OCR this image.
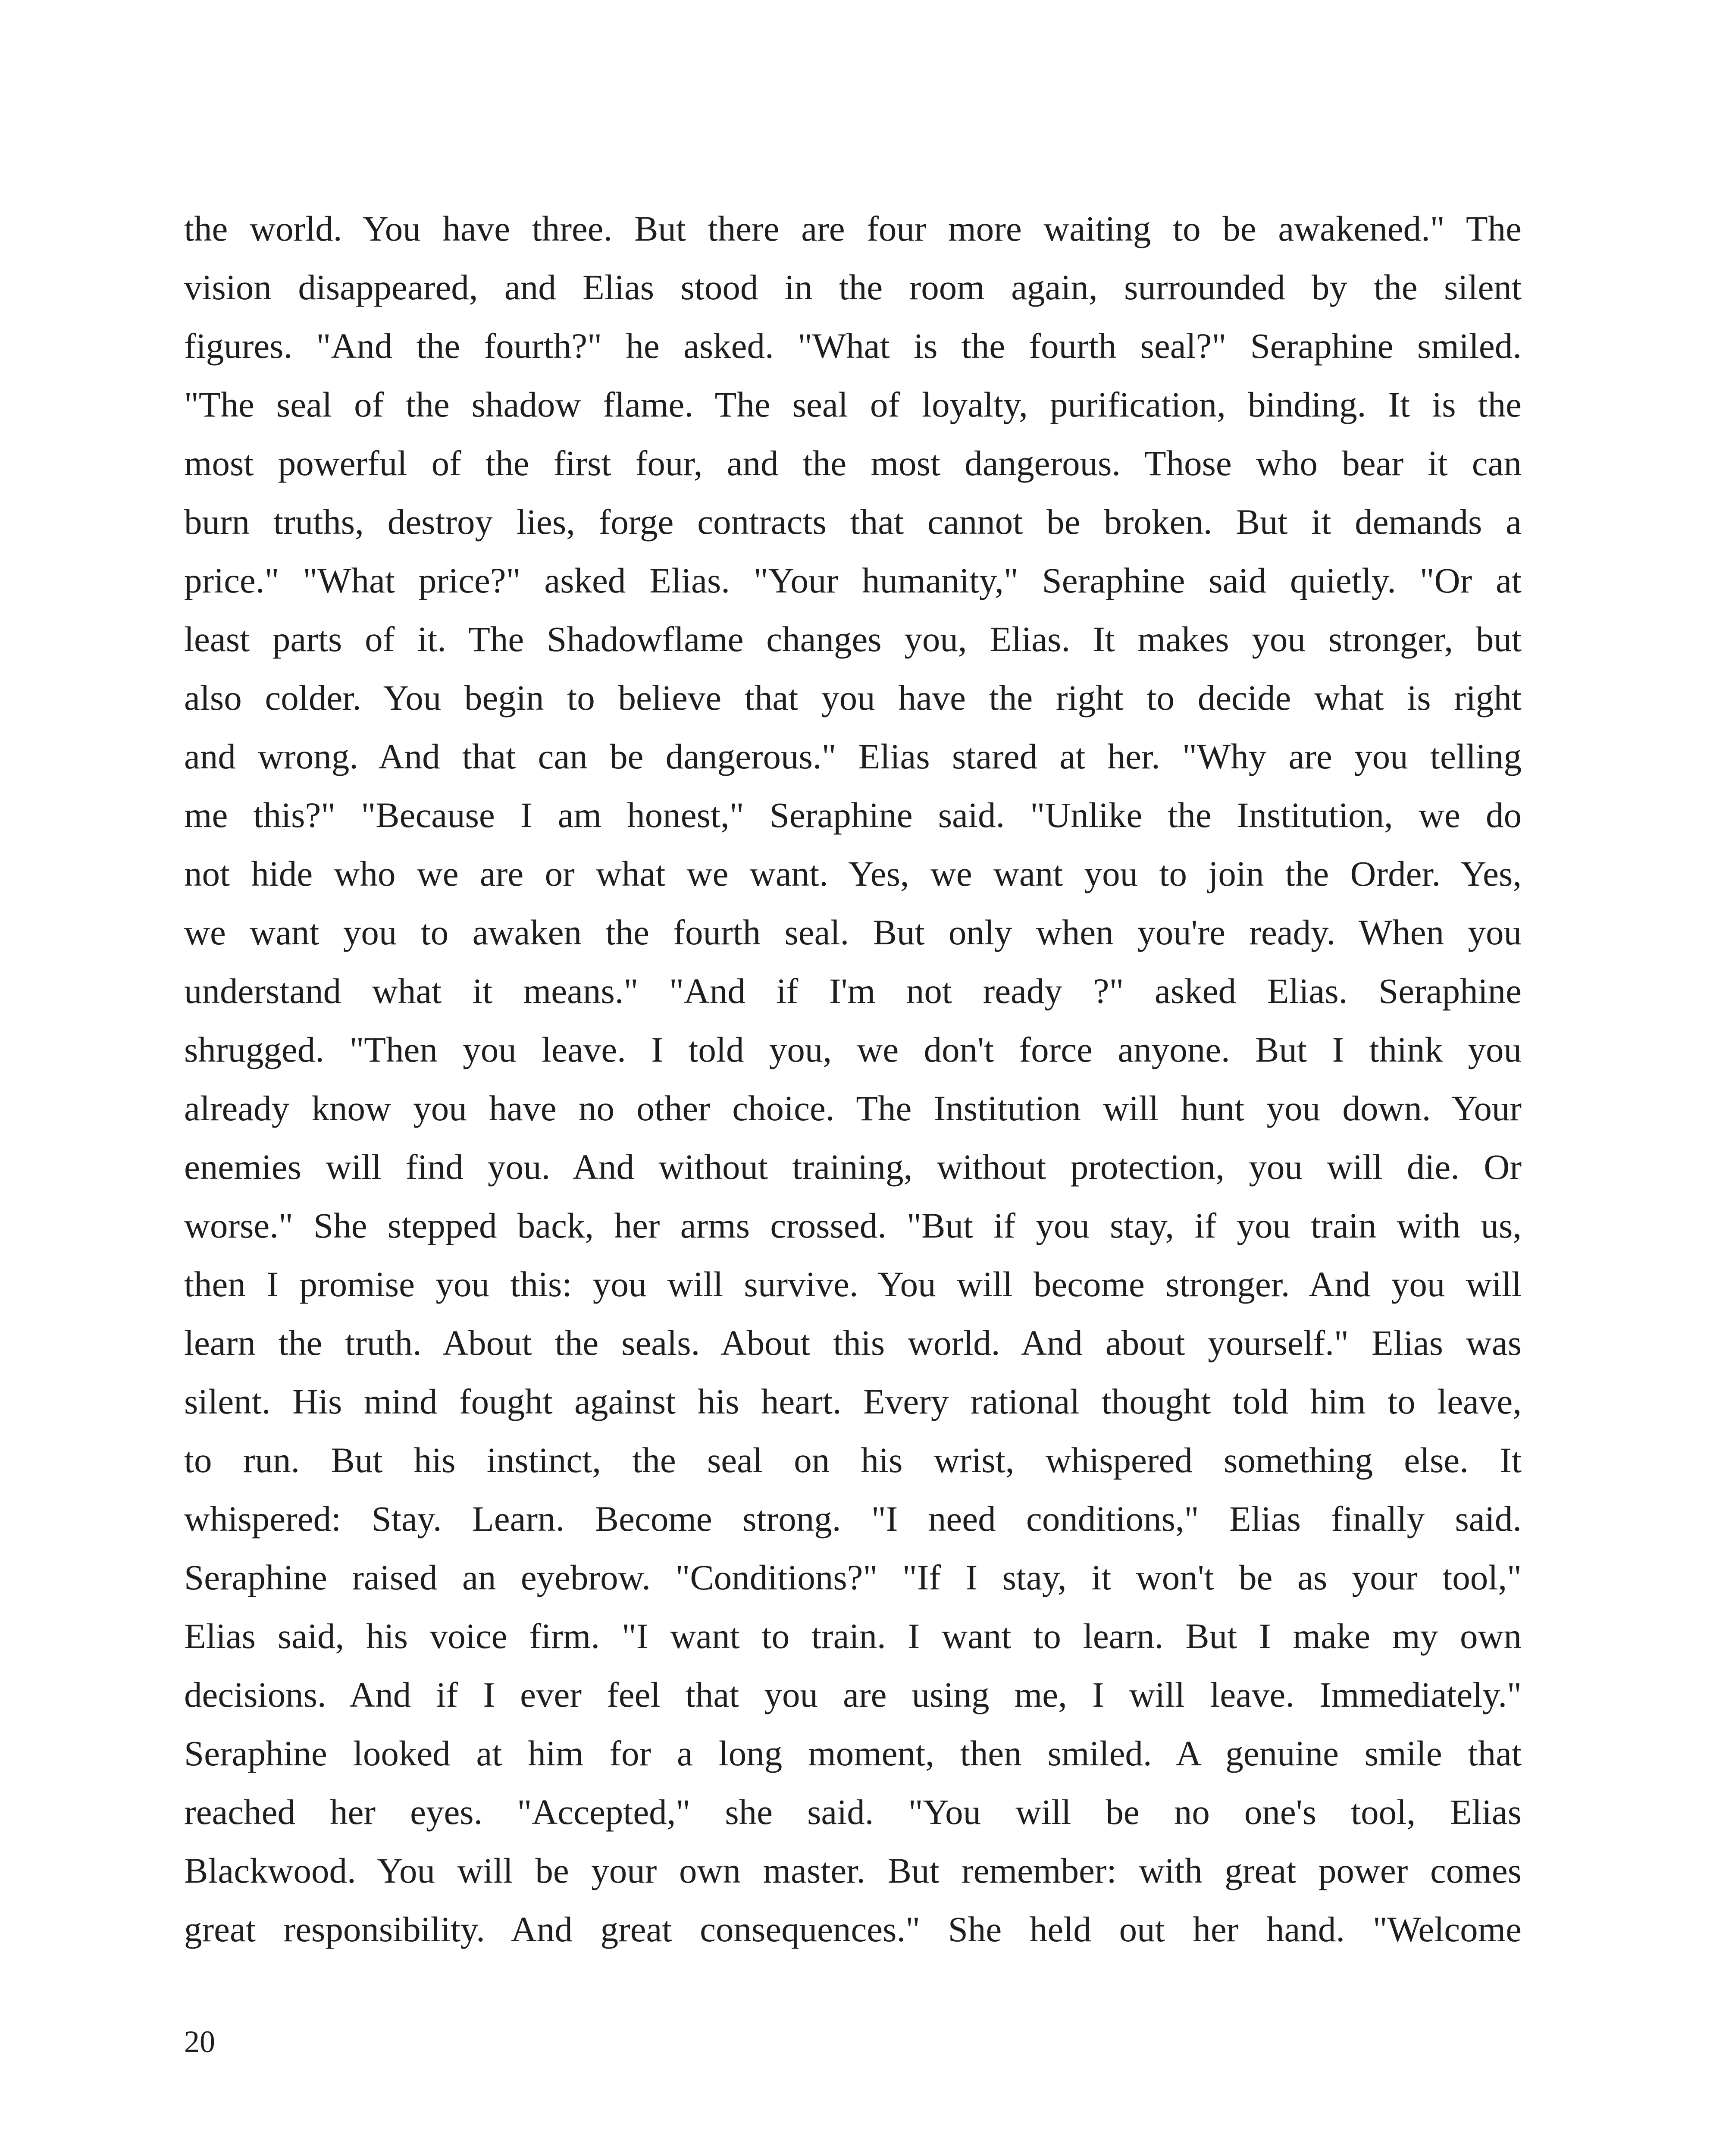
the world. You have three. But there are four more waiting to be awakened." The
vision disappeared, and Elias stood in the room again, surrounded by the silent
figures. "And the fourth?" he asked. "What is the fourth seal?" Seraphine smiled.
"The seal of the shadow flame. The seal of loyalty, purification, binding. It is the
most powerful of the first four, and the most dangerous. Those who bear it can
burn truths, destroy lies, forge contracts that cannot be broken. But it demands a
price." "What price?" asked Elias. "Your humanity," Seraphine said quietly. "Or at
least parts of it. The Shadowflame changes you, Elias. It makes you stronger, but
also colder. You begin to believe that you have the right to decide what is right
and wrong. And that can be dangerous." Elias stared at her. "Why are you telling
me this?" "Because I am honest," Seraphine said. "Unlike the Institution, we do
not hide who we are or what we want. Yes, we want you to join the Order. Yes,
we want you to awaken the fourth seal. But only when you're ready. When you
understand what it means." "And if I'm not ready ?" asked Elias. Seraphine
shrugged. "Then you leave. I told you, we don't force anyone. But I think you
already know you have no other choice. The Institution will hunt you down. Your
enemies will find you. And without training, without protection, you will die. Or
worse." She stepped back, her arms crossed. "But if you stay, if you train with us,
then I promise you this: you will survive. You will become stronger. And you will
learn the truth. About the seals. About this world. And about yourself." Elias was
silent. His mind fought against his heart. Every rational thought told him to leave,
to run. But his instinct, the seal on his wrist, whispered something else. It
whispered: Stay. Learn. Become strong. "I need conditions," Elias finally said.
Seraphine raised an eyebrow. "Conditions?" "If I stay, it won't be as your tool,"
Elias said, his voice firm. "I want to train. I want to learn. But I make my own
decisions. And if I ever feel that you are using me, I will leave. Immediately."
Seraphine looked at him for a long moment, then smiled. A genuine smile that
reached her eyes. "Accepted," she said. "You will be no one's tool, Elias
Blackwood. You will be your own master. But remember: with great power comes
great responsibility. And great consequences." She held out her hand. "Welcome
20
